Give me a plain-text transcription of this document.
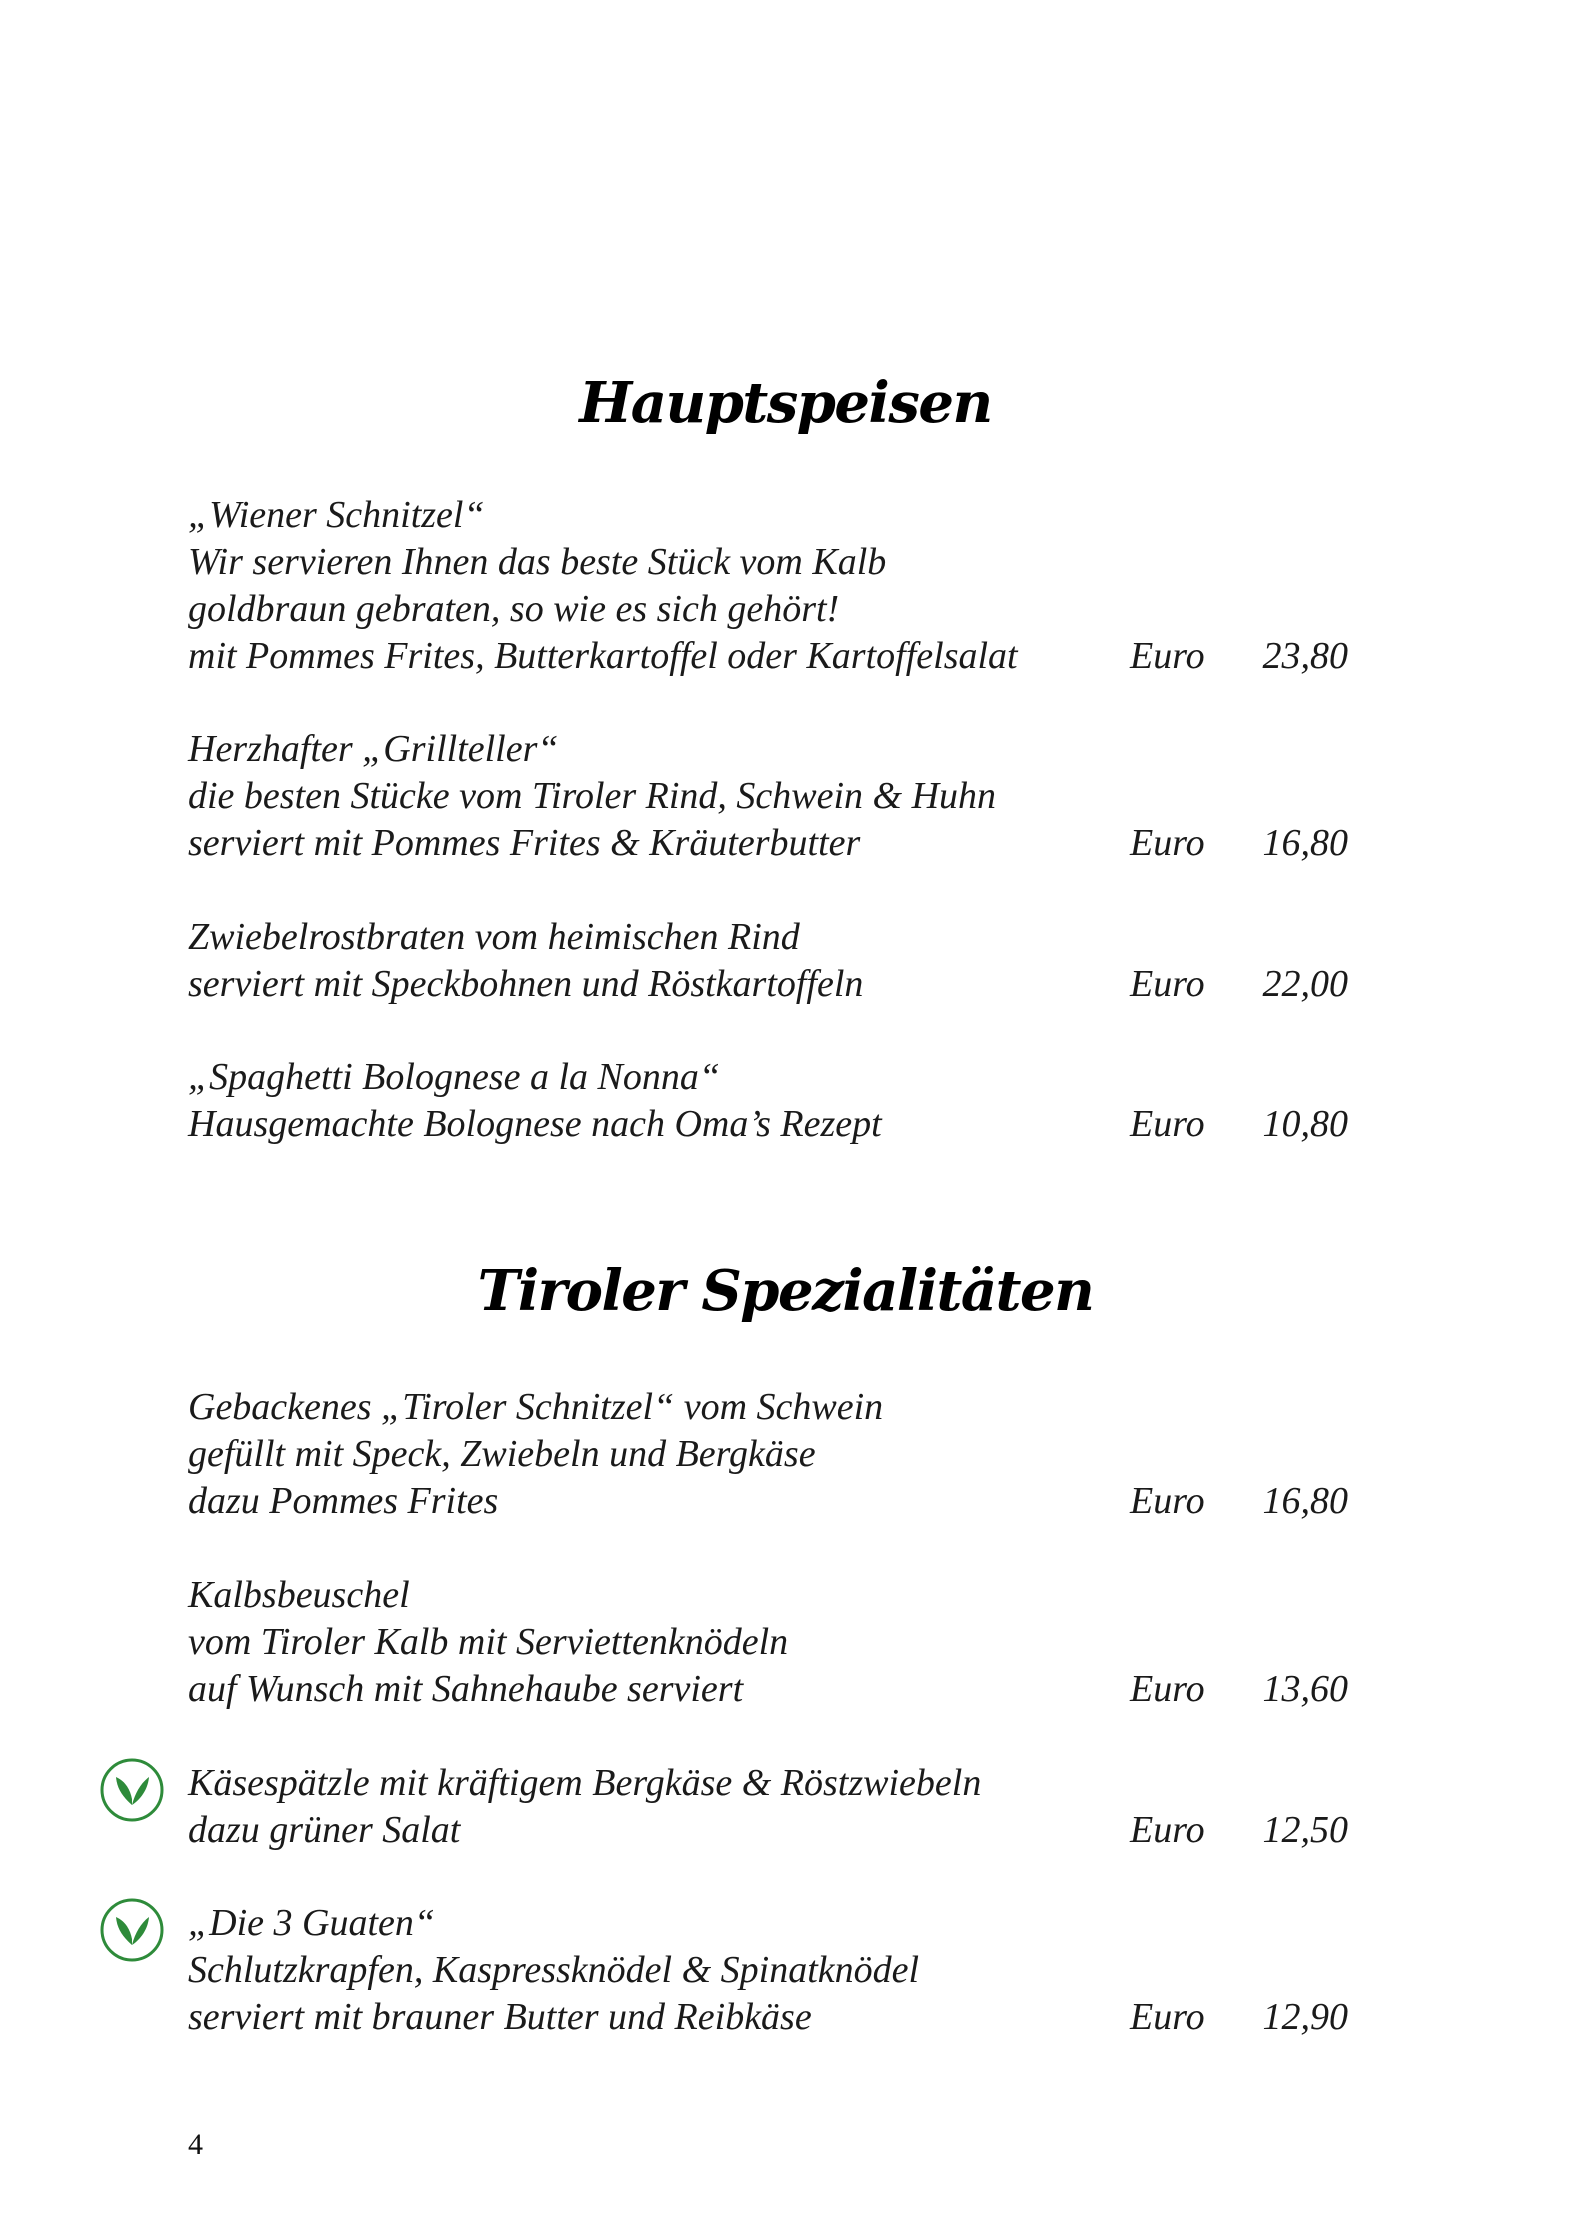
Hauptspeisen
„Wiener Schnitzel“
Wir servieren Ihnen das beste Stück vom Kalb
goldbraun gebraten, so wie es sich gehört!
mit Pommes Frites, Butterkartoffel oder Kartoffelsalat	Euro	23,80
Herzhafter „Grillteller“
die besten Stücke vom Tiroler Rind, Schwein & Huhn
serviert mit Pommes Frites & Kräuterbutter	Euro	16,80
Zwiebelrostbraten vom heimischen Rind
serviert mit Speckbohnen und Röstkartoffeln	Euro	22,00
„Spaghetti Bolognese a la Nonna“
Hausgemachte Bolognese nach Oma’s Rezept	Euro	10,80
Tiroler Spezialitäten
Gebackenes „Tiroler Schnitzel“ vom Schwein
gefüllt mit Speck, Zwiebeln und Bergkäse
dazu Pommes Frites	Euro	16,80
Kalbsbeuschel
vom Tiroler Kalb mit Serviettenknödeln
auf Wunsch mit Sahnehaube serviert	Euro	13,60
Käsespätzle mit kräftigem Bergkäse & Röstzwiebeln
dazu grüner Salat	Euro	12,50
„Die 3 Guaten“
Schlutzkrapfen, Kaspressknödel & Spinatknödel
serviert mit brauner Butter und Reibkäse	Euro	12,90
4
